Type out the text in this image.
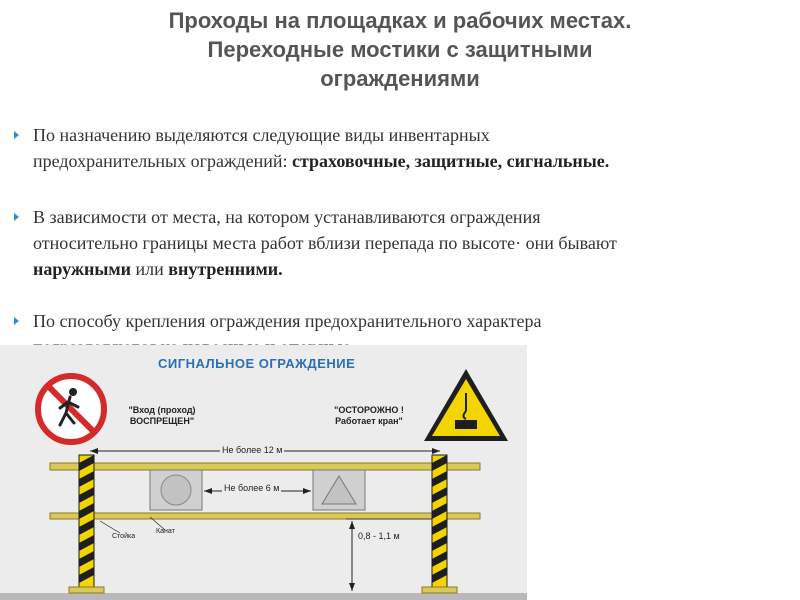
Проходы на площадках и рабочих местах.
Переходные мостики с защитными
ограждениями
По назначению выделяются следующие виды инвентарных
предохранительных ограждений: страховочные, защитные, сигнальные.
В зависимости от места, на котором устанавливаются ограждения
относительно границы места работ вблизи перепада по высоте· они бывают
наружными или внутренними.
По способу крепления ограждения предохранительного характера

СИГНАЛЬНОЕ ОГРАЖДЕНИЕ
"Вход (проход)
ВОСПРЕЩЕН"
"ОСТОРОЖНО !
Работает кран"
Не более 12 м
Не более 6 м
0,8 - 1,1 м
Стойка
Канат
